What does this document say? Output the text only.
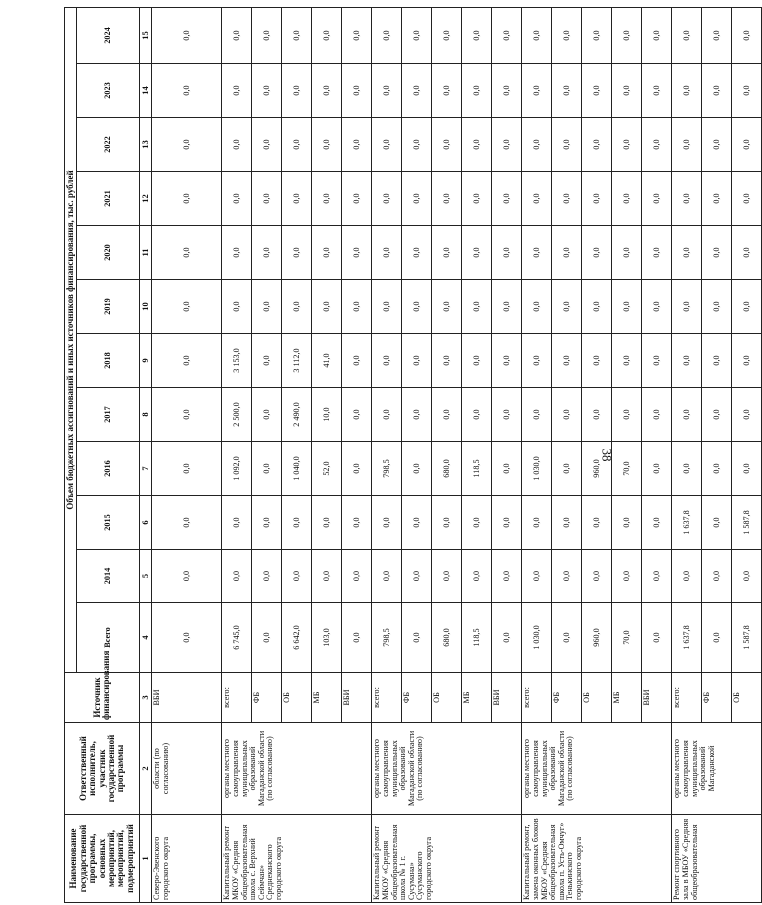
38
Наименование государственной программы, основных мероприятий, мероприятий, подмероприятий	Ответственный исполнитель, участник государственной программы	Источник финансирования	Объем бюджетных ассигнований и иных источников финансирования, тыс. рублей											
			Всего	2014	2015	2016	2017	2018	2019	2020	2021	2022	2023	2024
1	2	3	4	5	6	7	8	9	10	11	12	13	14	15
Северо-Эвенского городского округа	области (по согласованию)	ВБИ	0,0	0,0	0,0	0,0	0,0	0,0	0,0	0,0	0,0	0,0	0,0	0,0
Капитальный ремонт МКОУ «Средняя общеобразовательная школа с. Верхний Сеймчан» Среднеканского городского округа	органы местного самоуправления муниципальных образований Магаданской области (по согласованию)	всего:	6 745,0	0,0	0,0	1 092,0	2 500,0	3 153,0	0,0	0,0	0,0	0,0	0,0	0,0
		ФБ	0,0	0,0	0,0	0,0	0,0	0,0	0,0	0,0	0,0	0,0	0,0	0,0
		ОБ	6 642,0	0,0	0,0	1 040,0	2 490,0	3 112,0	0,0	0,0	0,0	0,0	0,0	0,0
		МБ	103,0	0,0	0,0	52,0	10,0	41,0	0,0	0,0	0,0	0,0	0,0	0,0
		ВБИ	0,0	0,0	0,0	0,0	0,0	0,0	0,0	0,0	0,0	0,0	0,0	0,0
Капитальный ремонт МКОУ «Средняя общеобразовательная школа № 1 г. Сусумана» Сусуманского городского округа	органы местного самоуправления муниципальных образований Магаданской области (по согласованию)	всего:	798,5	0,0	0,0	798,5	0,0	0,0	0,0	0,0	0,0	0,0	0,0	0,0
		ФБ	0,0	0,0	0,0	0,0	0,0	0,0	0,0	0,0	0,0	0,0	0,0	0,0
		ОБ	680,0	0,0	0,0	680,0	0,0	0,0	0,0	0,0	0,0	0,0	0,0	0,0
		МБ	118,5	0,0	0,0	118,5	0,0	0,0	0,0	0,0	0,0	0,0	0,0	0,0
		ВБИ	0,0	0,0	0,0	0,0	0,0	0,0	0,0	0,0	0,0	0,0	0,0	0,0
Капитальный ремонт, замена оконных блоков МБОУ «Средняя общеобразовательная школа п. Усть-Омчуг» Тенькинского городского округа	органы местного самоуправления муниципальных образований Магаданской области (по согласованию)	всего:	1 030,0	0,0	0,0	1 030,0	0,0	0,0	0,0	0,0	0,0	0,0	0,0	0,0
		ФБ	0,0	0,0	0,0	0,0	0,0	0,0	0,0	0,0	0,0	0,0	0,0	0,0
		ОБ	960,0	0,0	0,0	960,0	0,0	0,0	0,0	0,0	0,0	0,0	0,0	0,0
		МБ	70,0	0,0	0,0	70,0	0,0	0,0	0,0	0,0	0,0	0,0	0,0	0,0
		ВБИ	0,0	0,0	0,0	0,0	0,0	0,0	0,0	0,0	0,0	0,0	0,0	0,0
Ремонт спортивного зала в МБОУ «Средняя общеобразовательная	органы местного самоуправления муниципальных образований Магаданской	всего:	1 637,8	0,0	1 637,8	0,0	0,0	0,0	0,0	0,0	0,0	0,0	0,0	0,0
		ФБ	0,0	0,0	0,0	0,0	0,0	0,0	0,0	0,0	0,0	0,0	0,0	0,0
		ОБ	1 587,8	0,0	1 587,8	0,0	0,0	0,0	0,0	0,0	0,0	0,0	0,0	0,0
